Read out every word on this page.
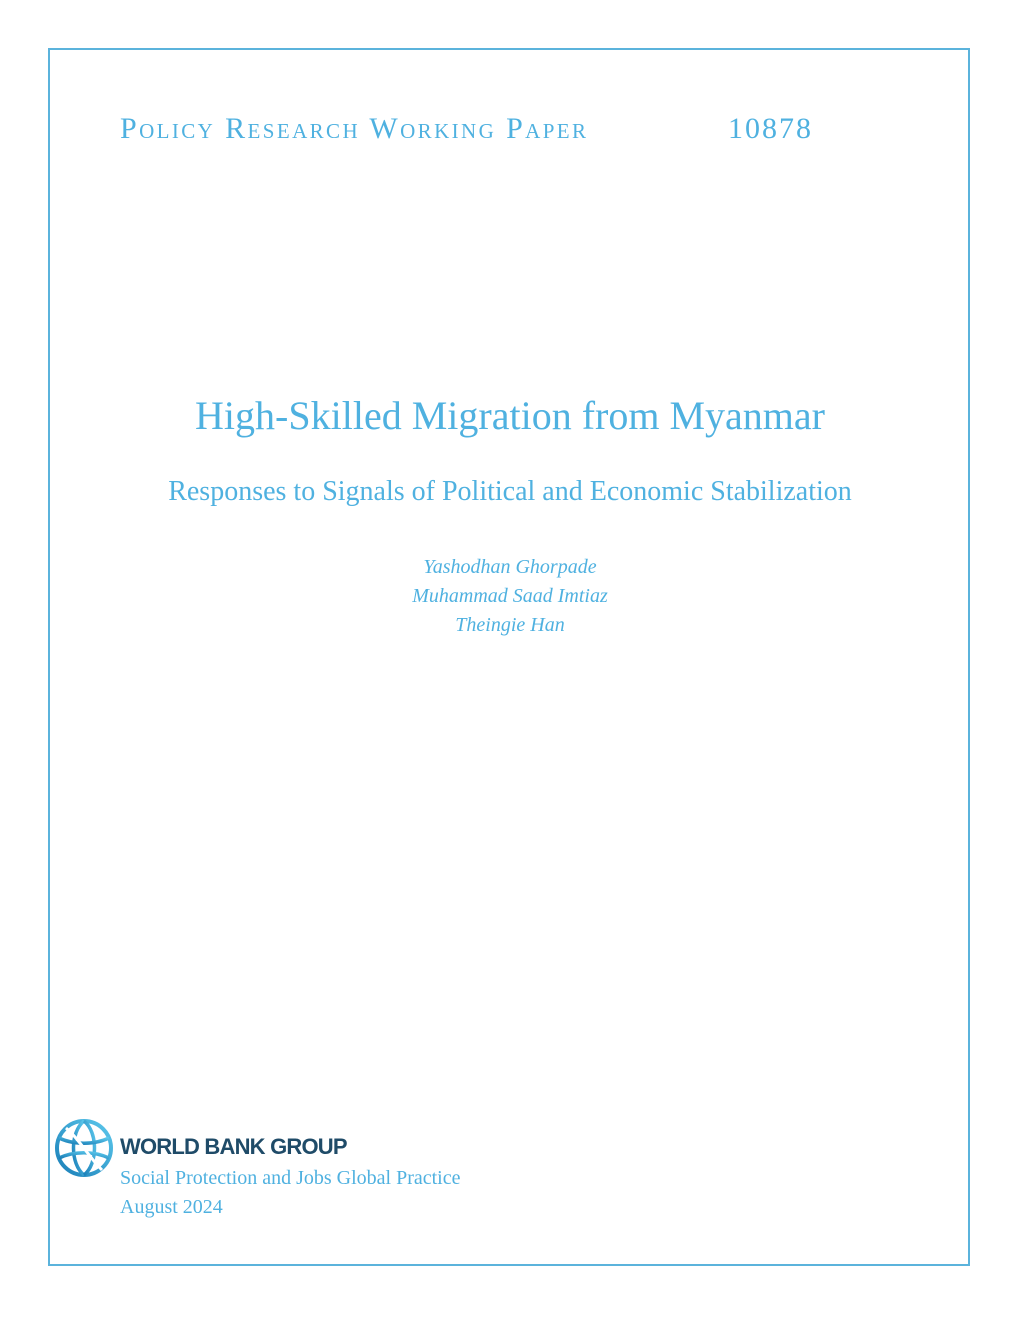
Policy Research Working Paper	10878
High-Skilled Migration from Myanmar
Responses to Signals of Political and Economic Stabilization
Yashodhan Ghorpade
Muhammad Saad Imtiaz
Theingie Han
WORLD BANK GROUP
Social Protection and Jobs Global Practice
August 2024
